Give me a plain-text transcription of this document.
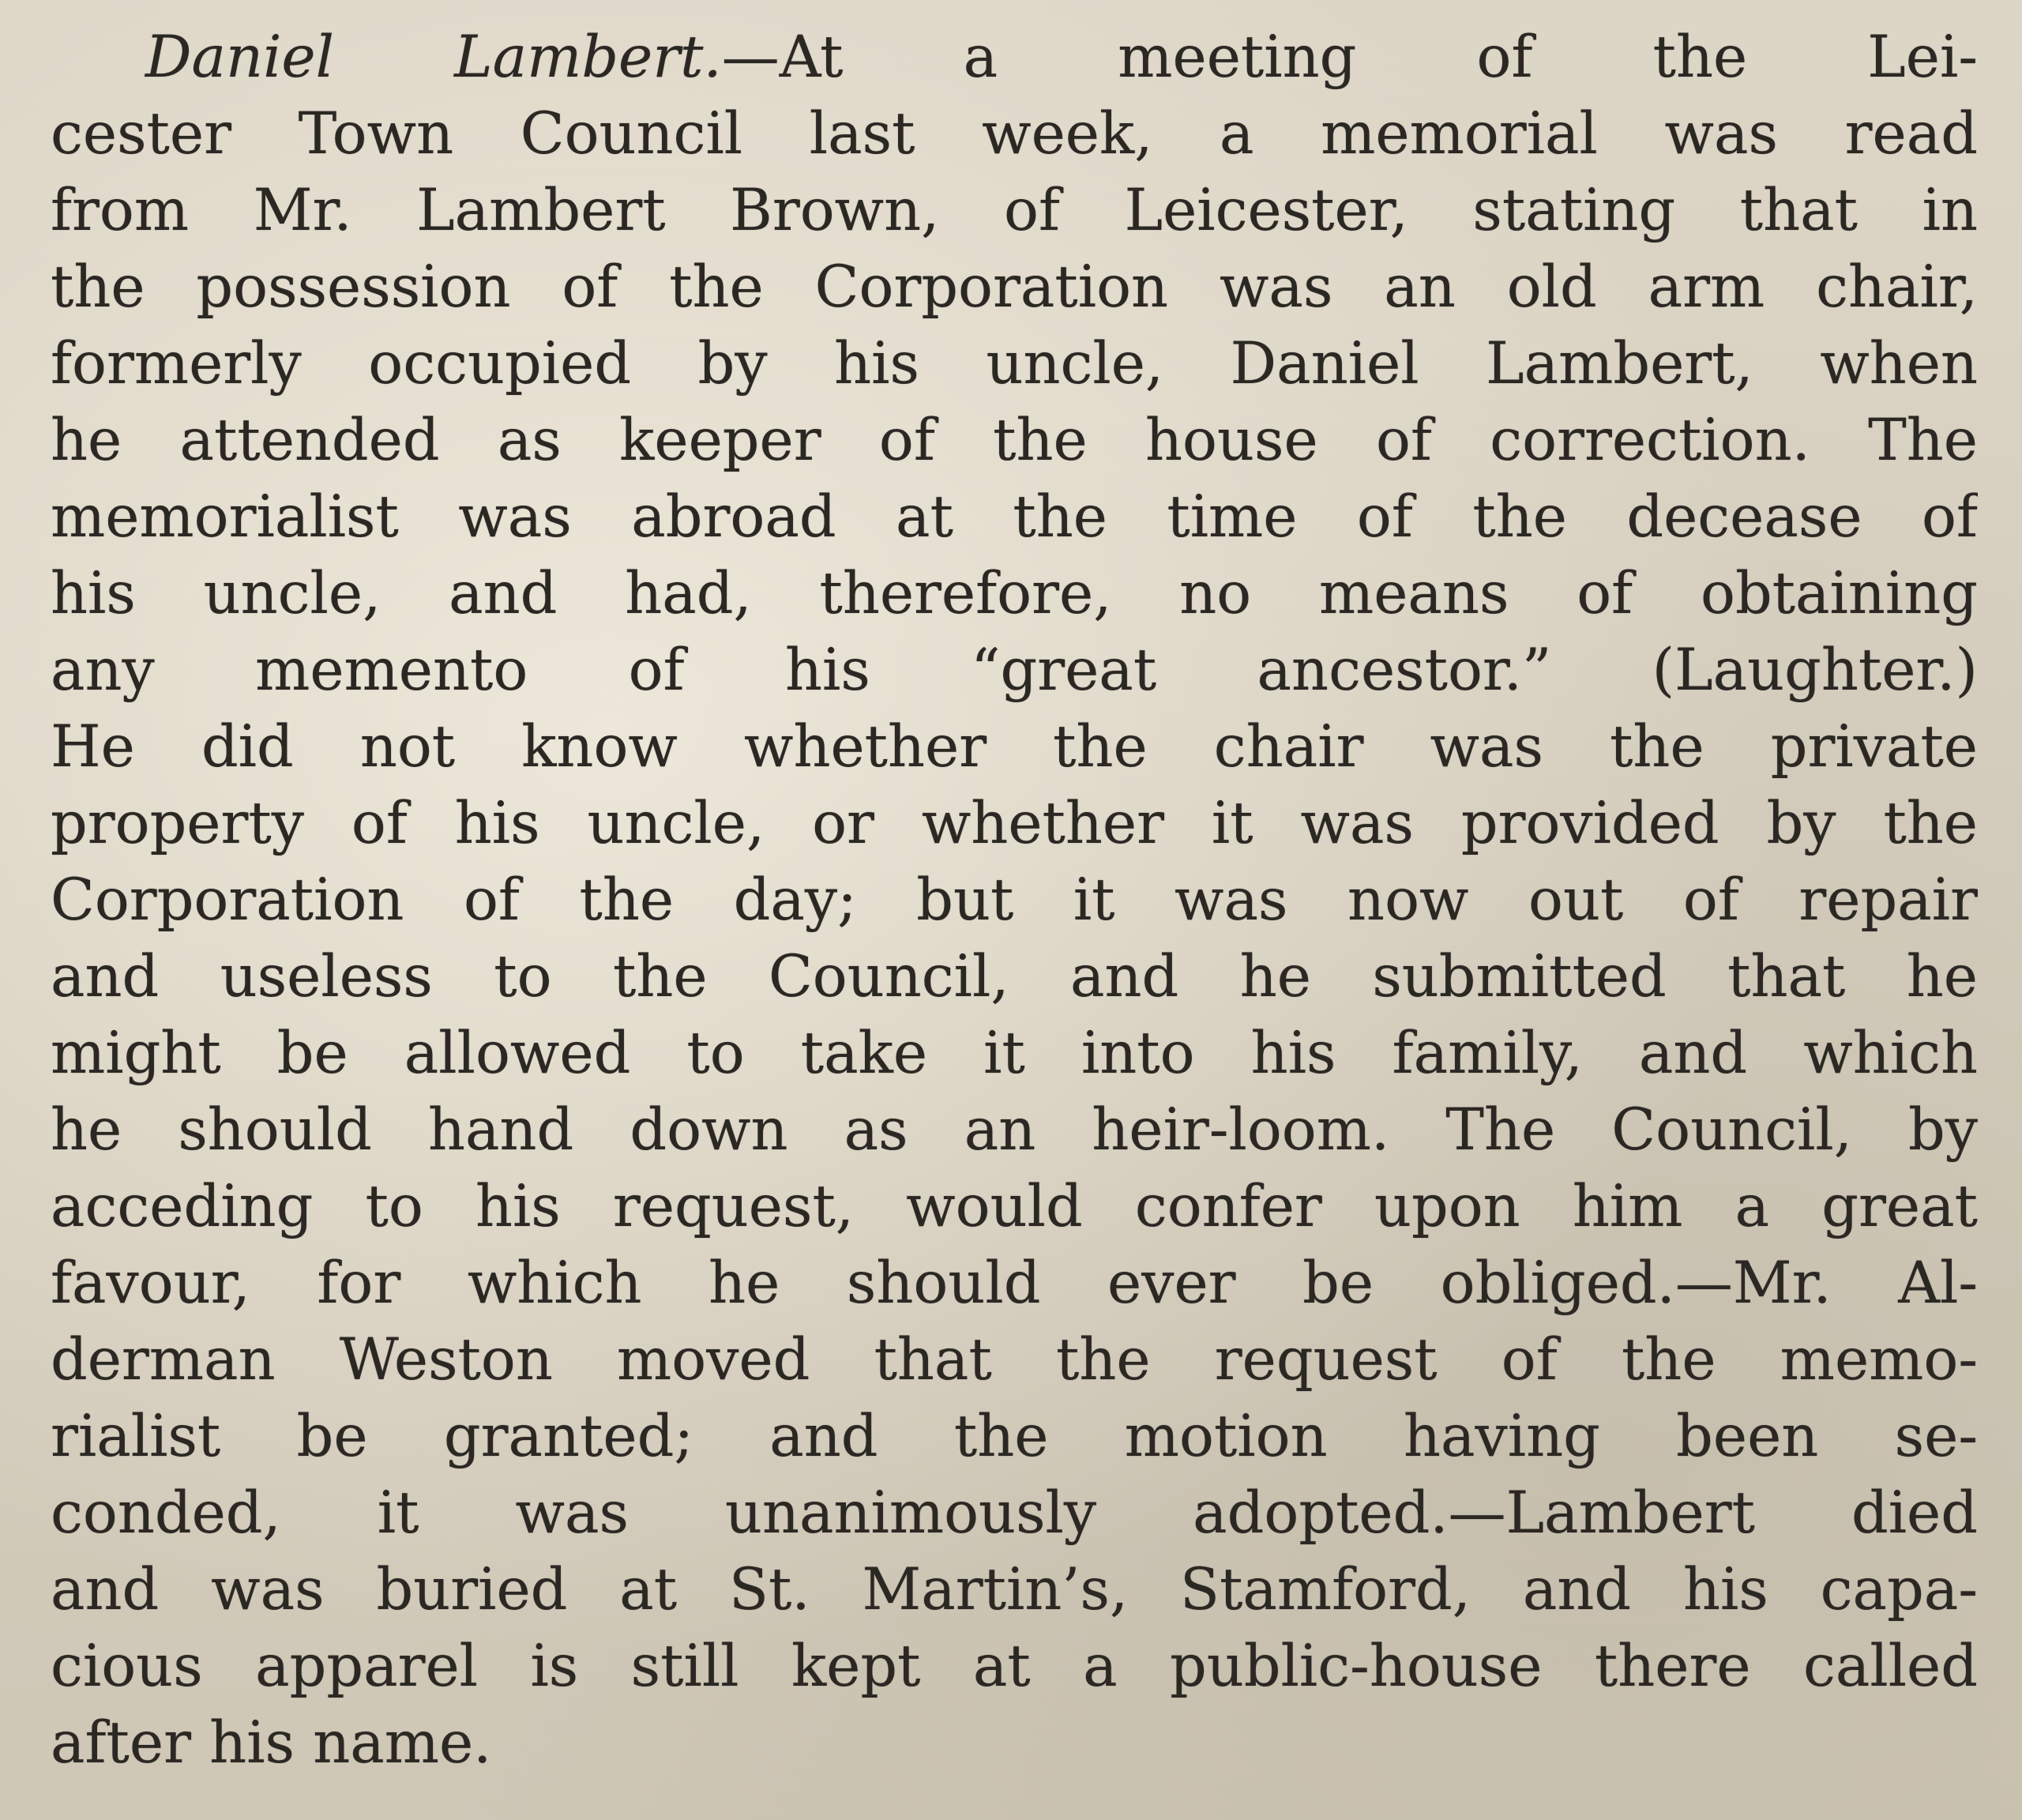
Daniel Lambert.—At a meeting of the Lei-
cester Town Council last week, a memorial was read
from Mr. Lambert Brown, of Leicester, stating that in
the possession of the Corporation was an old arm chair,
formerly occupied by his uncle, Daniel Lambert, when
he attended as keeper of the house of correction. The
memorialist was abroad at the time of the decease of
his uncle, and had, therefore, no means of obtaining
any memento of his “great ancestor.” (Laughter.)
He did not know whether the chair was the private
property of his uncle, or whether it was provided by the
Corporation of the day; but it was now out of repair
and useless to the Council, and he submitted that he
might be allowed to take it into his family, and which
he should hand down as an heir-loom. The Council, by
acceding to his request, would confer upon him a great
favour, for which he should ever be obliged.—Mr. Al-
derman Weston moved that the request of the memo-
rialist be granted; and the motion having been se-
conded, it was unanimously adopted.—Lambert died
and was buried at St. Martin’s, Stamford, and his capa-
cious apparel is still kept at a public-house there called
after his name.
